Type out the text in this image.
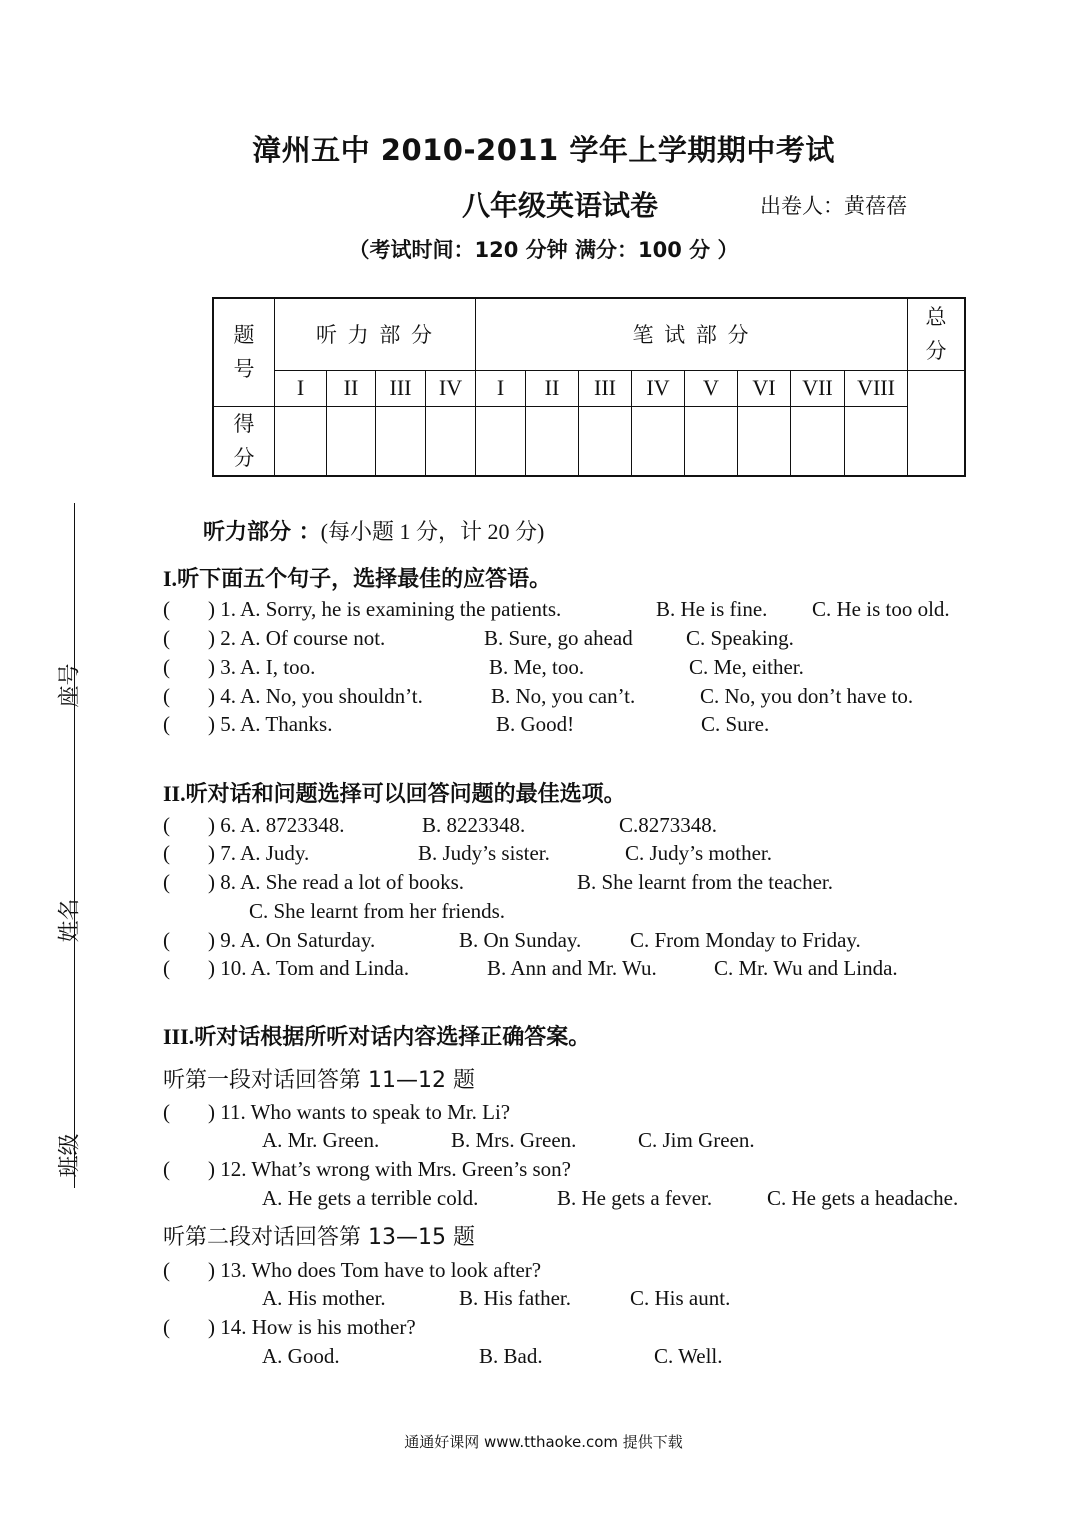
漳州五中 2010-2011 学年上学期期中考试
八年级英语试卷	出卷人：黄蓓蓓
（考试时间：120 分钟 满分：100 分 ）
题号	听 力 部 分				笔 试 部 分								总分

	I	II	III	IV	I	II	III	IV	V	VI	VII	VIII	

得分													

座号
姓名
班级
听力部分 ：(每小题 1 分，计 20 分)
I.听下面五个句子，选择最佳的应答语。
( ) 1. A. Sorry, he is examining the patients.	B. He is fine. C. He is too old.
( ) 2. A. Of course not.	B. Sure, go ahead	C. Speaking.
( ) 3. A. I, too.	B. Me, too.	C. Me, either.
( ) 4. A. No, you shouldn’t.	B. No, you can’t.	C. No, you don’t have to.
( ) 5. A. Thanks.	B. Good!	C. Sure.
II.听对话和问题选择可以回答问题的最佳选项。
( ) 6. A. 8723348.	B. 8223348.	C.8273348.
( ) 7. A. Judy.	B. Judy’s sister.	C. Judy’s mother.
( ) 8. A. She read a lot of books.	B. She learnt from the teacher.
C. She learnt from her friends.
( ) 9. A. On Saturday.	B. On Sunday. C. From Monday to Friday.
( ) 10. A. Tom and Linda.	B. Ann and Mr. Wu.	C. Mr. Wu and Linda.
III.听对话根据所听对话内容选择正确答案。
听第一段对话回答第 11—12 题
( ) 11. Who wants to speak to Mr. Li?
A. Mr. Green.	B. Mrs. Green.	C. Jim Green.
( ) 12. What’s wrong with Mrs. Green’s son?
A. He gets a terrible cold.	B. He gets a fever.	C. He gets a headache.
听第二段对话回答第 13—15 题
( ) 13. Who does Tom have to look after?
A. His mother.	B. His father.	C. His aunt.
( ) 14. How is his mother?
A. Good.	B. Bad.	C. Well.
通通好课网 www.tthaoke.com 提供下载
